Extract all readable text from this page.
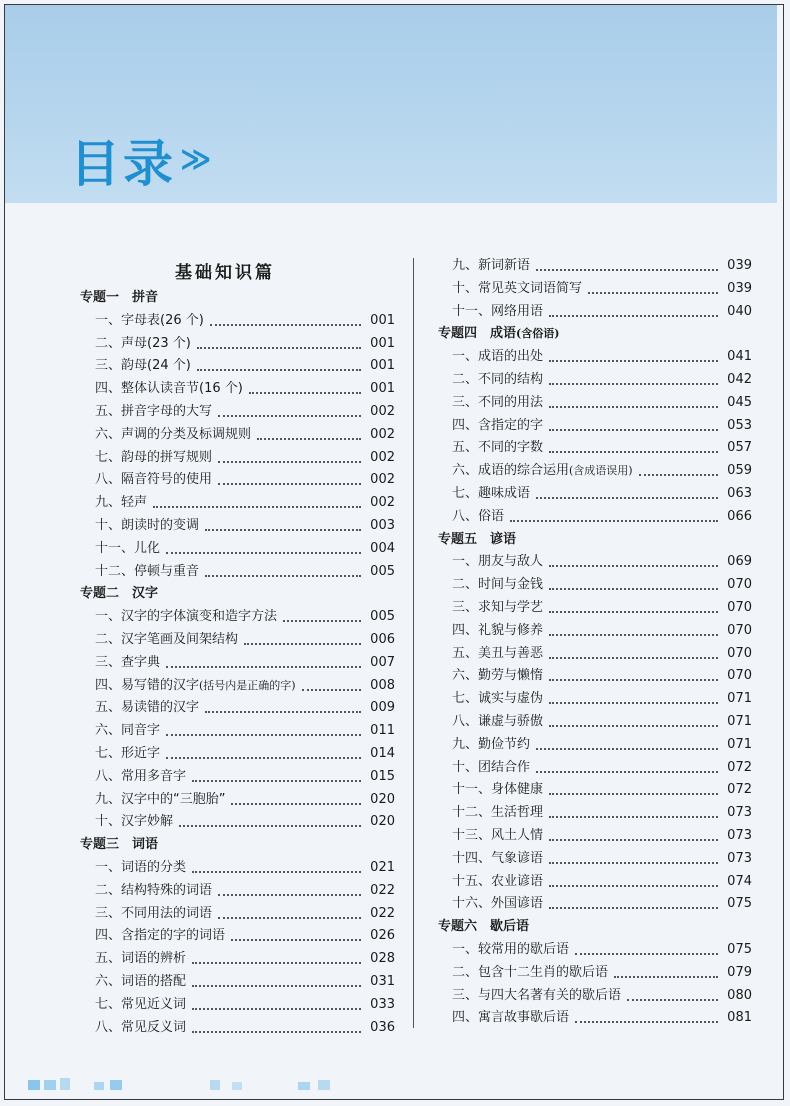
目录 ≫
基础知识篇
专题一　拼音
一、字母表(26 个)	001
二、声母(23 个)	001
三、韵母(24 个)	001
四、整体认读音节(16 个)	001
五、拼音字母的大写	002
六、声调的分类及标调规则	002
七、韵母的拼写规则	002
八、隔音符号的使用	002
九、轻声	002
十、朗读时的变调	003
十一、儿化	004
十二、停顿与重音	005
专题二　汉字
一、汉字的字体演变和造字方法	005
二、汉字笔画及间架结构	006
三、查字典	007
四、易写错的汉字 (括号内是正确的字)	008
五、易读错的汉字	009
六、同音字	011
七、形近字	014
八、常用多音字	015
九、汉字中的“三胞胎”	020
十、汉字妙解	020
专题三　词语
一、词语的分类	021
二、结构特殊的词语	022
三、不同用法的词语	022
四、含指定的字的词语	026
五、词语的辨析	028
六、词语的搭配	031
七、常见近义词	033
八、常见反义词	036
九、新词新语	039
十、常见英文词语简写	039
十一、网络用语	040
专题四　成语 (含俗语)
一、成语的出处	041
二、不同的结构	042
三、不同的用法	045
四、含指定的字	053
五、不同的字数	057
六、成语的综合运用 (含成语误用)	059
七、趣味成语	063
八、俗语	066
专题五　谚语
一、朋友与敌人	069
二、时间与金钱	070
三、求知与学艺	070
四、礼貌与修养	070
五、美丑与善恶	070
六、勤劳与懒惰	070
七、诚实与虚伪	071
八、谦虚与骄傲	071
九、勤俭节约	071
十、团结合作	072
十一、身体健康	072
十二、生活哲理	073
十三、风土人情	073
十四、气象谚语	073
十五、农业谚语	074
十六、外国谚语	075
专题六　歇后语
一、较常用的歇后语	075
二、包含十二生肖的歇后语	079
三、与四大名著有关的歇后语	080
四、寓言故事歇后语	081
